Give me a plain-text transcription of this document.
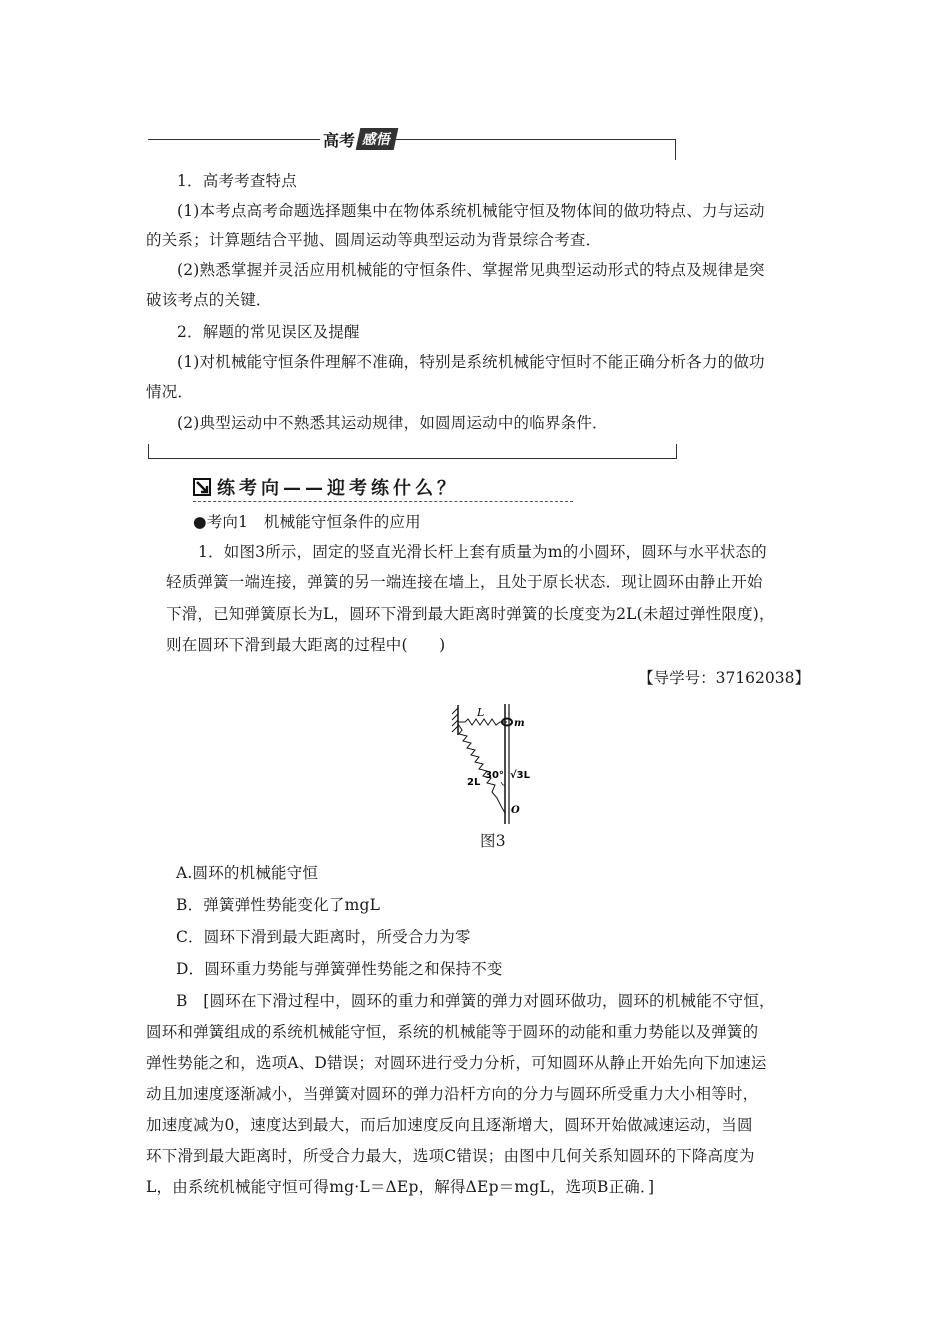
高考 感悟
1．高考考查特点
(1)本考点高考命题选择题集中在物体系统机械能守恒及物体间的做功特点、力与运动
的关系；计算题结合平抛、圆周运动等典型运动为背景综合考查．
(2)熟悉掌握并灵活应用机械能的守恒条件、掌握常见典型运动形式的特点及规律是突
破该考点的关键．
2．解题的常见误区及提醒
(1)对机械能守恒条件理解不准确，特别是系统机械能守恒时不能正确分析各力的做功
情况．
(2)典型运动中不熟悉其运动规律，如圆周运动中的临界条件．
练考向——迎考练什么？
●考向1　机械能守恒条件的应用
1．如图3所示，固定的竖直光滑长杆上套有质量为m的小圆环，圆环与水平状态的
轻质弹簧一端连接，弹簧的另一端连接在墙上，且处于原长状态．现让圆环由静止开始
下滑，已知弹簧原长为L，圆环下滑到最大距离时弹簧的长度变为2L(未超过弹性限度)，
则在圆环下滑到最大距离的过程中(　　)
【导学号：37162038】
L
m
30° √3L
2L
O
图3
A.圆环的机械能守恒
B．弹簧弹性势能变化了mgL
C．圆环下滑到最大距离时，所受合力为零
D．圆环重力势能与弹簧弹性势能之和保持不变
B　[圆环在下滑过程中，圆环的重力和弹簧的弹力对圆环做功，圆环的机械能不守恒，
圆环和弹簧组成的系统机械能守恒，系统的机械能等于圆环的动能和重力势能以及弹簧的
弹性势能之和，选项A、D错误；对圆环进行受力分析，可知圆环从静止开始先向下加速运
动且加速度逐渐减小，当弹簧对圆环的弹力沿杆方向的分力与圆环所受重力大小相等时，
加速度减为0，速度达到最大，而后加速度反向且逐渐增大，圆环开始做减速运动，当圆
环下滑到最大距离时，所受合力最大，选项C错误；由图中几何关系知圆环的下降高度为
L，由系统机械能守恒可得mg·L＝ΔEp，解得ΔEp＝mgL，选项B正确．]
